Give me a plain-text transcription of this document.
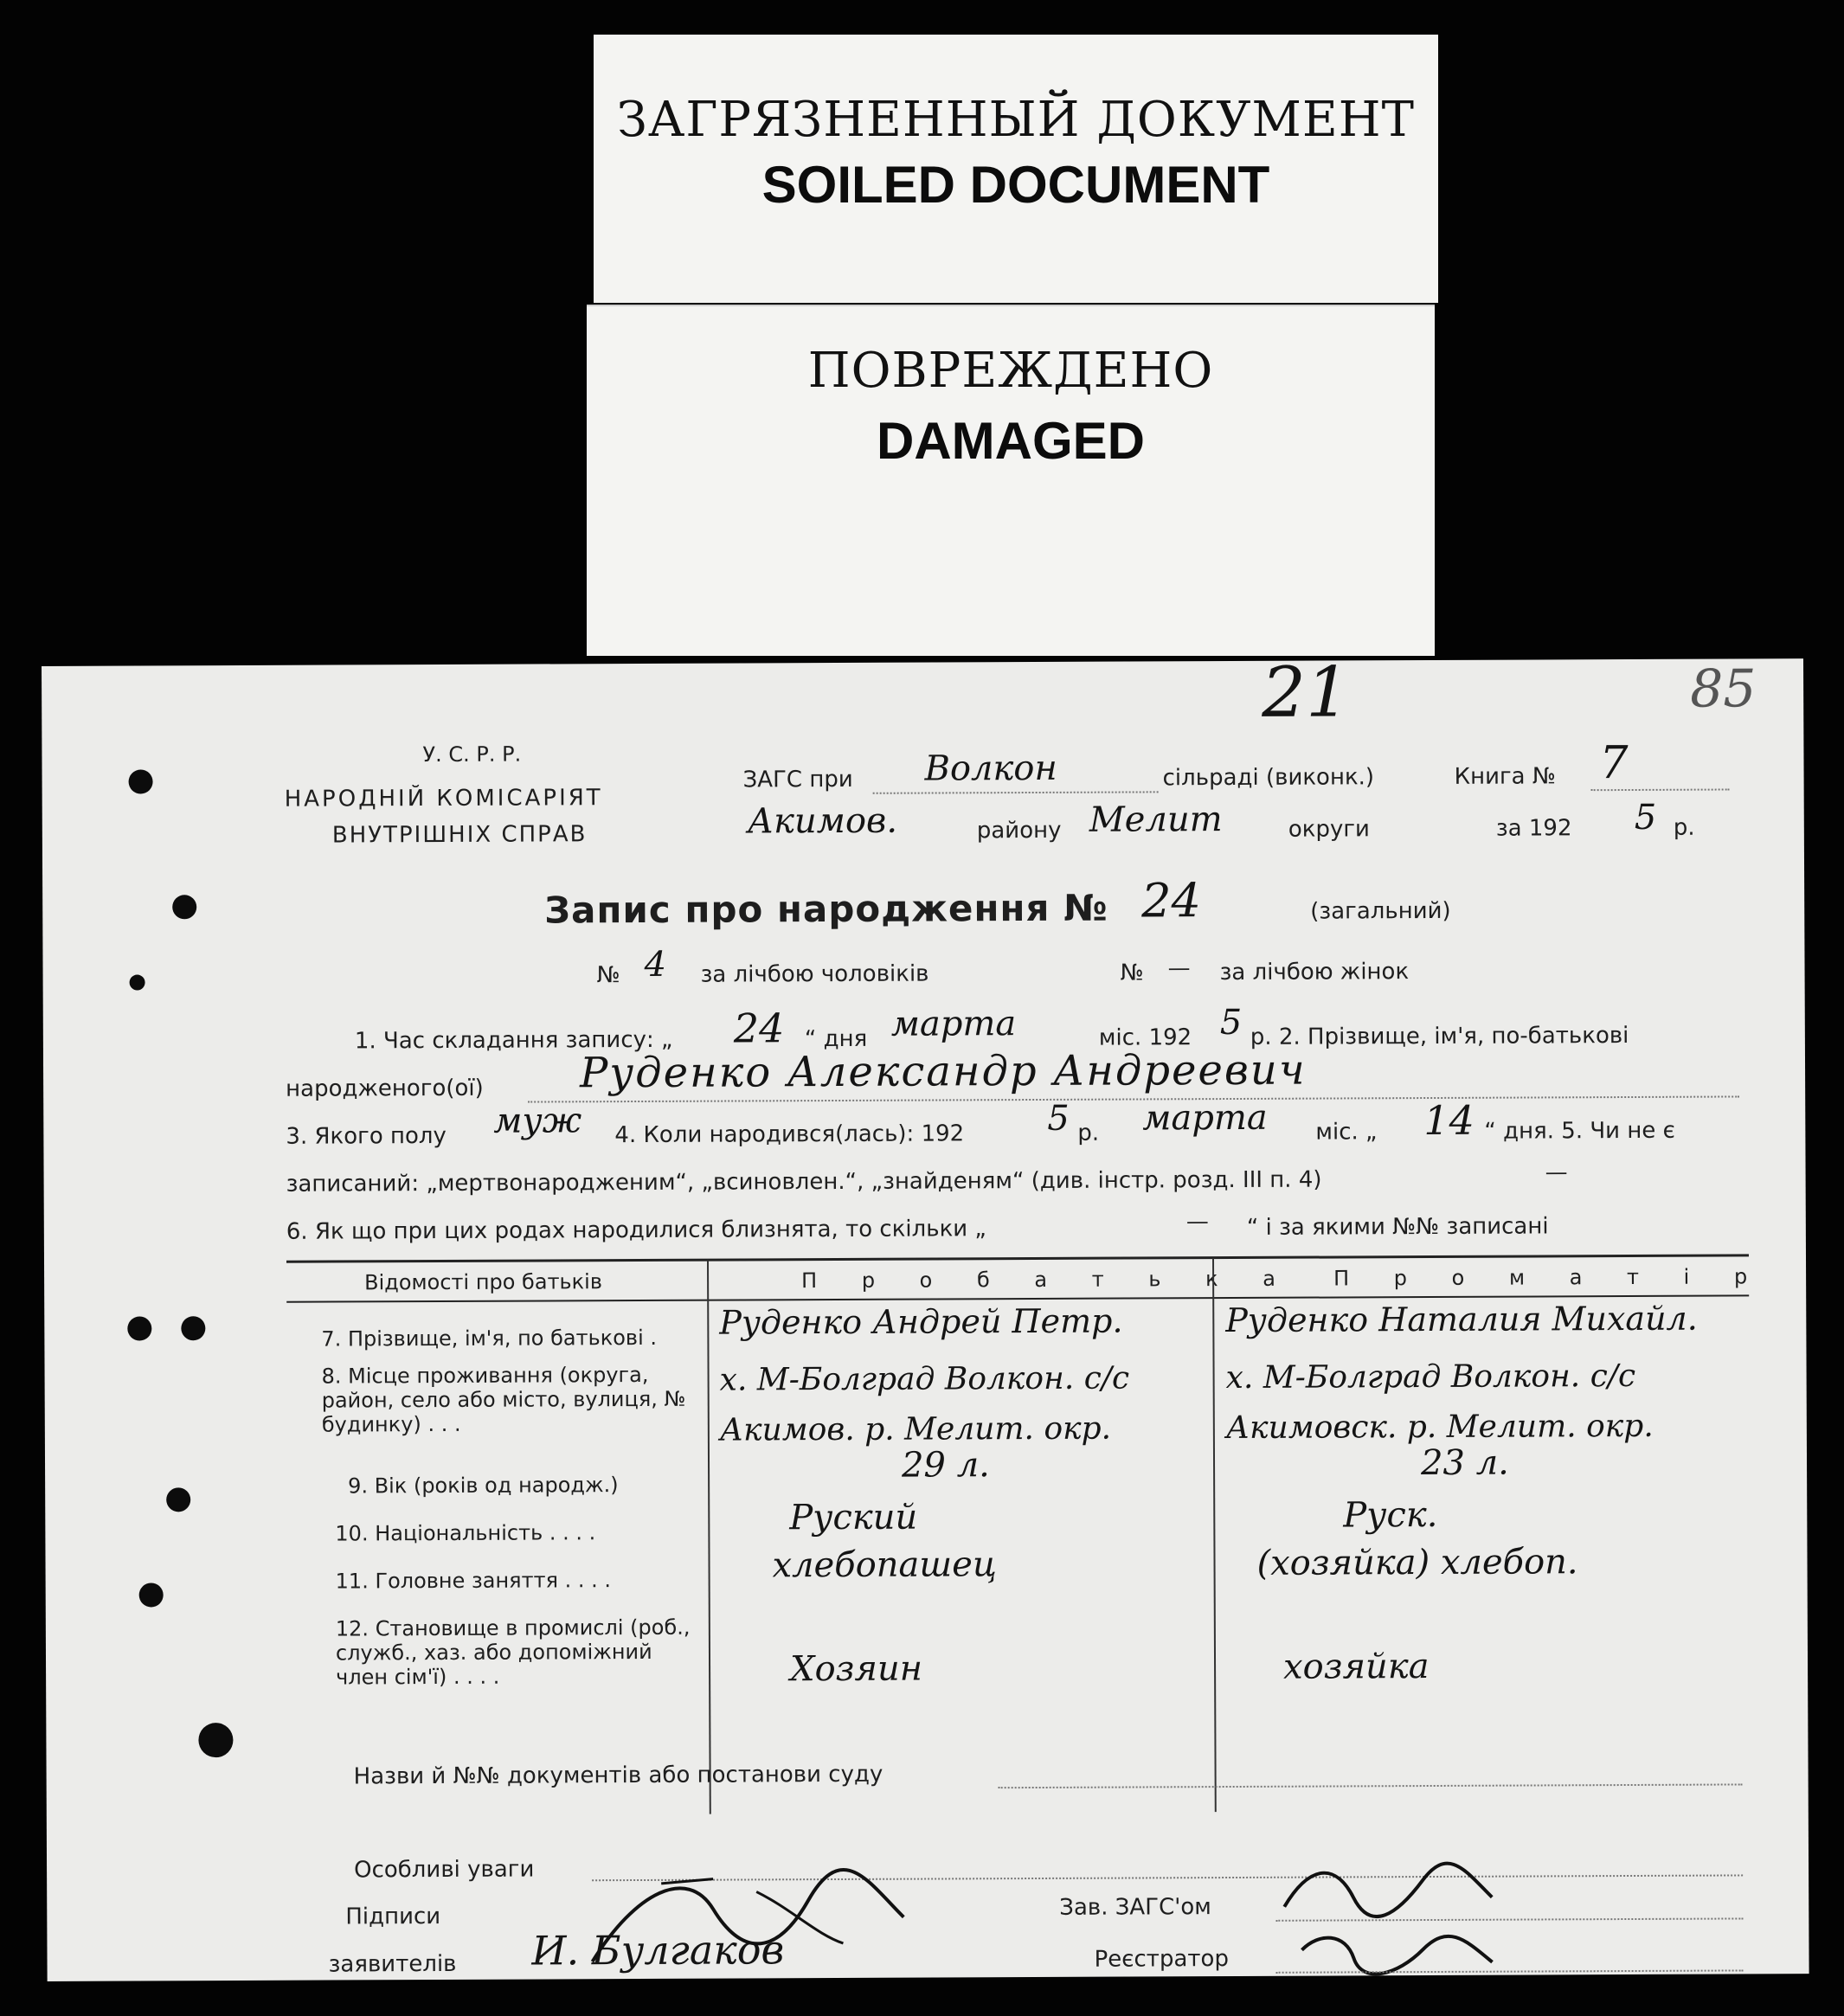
ЗАГРЯЗНЕННЫЙ ДОКУМЕНТ
SOILED DOCUMENT
ПОВРЕЖДЕНО
DAMAGED
21	85
У. С. Р. Р.
НАРОДНІЙ КОМІСАРІЯТ
ВНУТРІШНІХ СПРАВ
ЗАГС при Волкон	сільраді (виконк.)	Книга № 7
Акимов.	району Мелит	округи	за 192 5 р.
Запис про народження № 24	(загальний)
№ 4 за лічбою чоловіків	№ — за лічбою жінок
1. Час складання запису: „ 24 “ дня марта	міс. 192 5 р. 2. Прізвище, ім'я, по-батькові
народженого(ої) Руденко Александр Андреевич
3. Якого полу муж 4. Коли народився(лась): 192 5 р. марта міс. „ 14 “ дня. 5. Чи не є
записаний: „мертвонародженим“, „всиновлен.“, „знайденям“ (див. інстр. розд. III п. 4)	—
6. Як що при цих родах народилися близнята, то скільки „	— “ і за якими №№ записані
Відомості про батьків	П р о б а т ь к а П р о м а т і р
7. Прізвище, ім'я, по батькові . Руденко Андрей Петр.	Руденко Наталия Михайл.
8. Місце проживання (округа, район, село або місто, вулиця, № будинку) . . .
х. М-Болград Волкон. с/с Акимов. р. Мелит. окр.
х. М-Болград Волкон. с/с Акимовск. р. Мелит. окр.
9. Вік (років од народж.)
29 л.	23 л.
10. Національність . . . .	Руский	Руск.
11. Головне заняття . . . .	хлебопашец	(хозяйка) хлебоп.
12. Становище в промислі (роб., служб., хаз. або допоміжний член сім'ї) . . . .	Хозяин	хозяйка
Назви й №№ документів або постанови суду
Особливі уваги
Підписи
заявителів И. Булгаков
Зав. ЗАГС'ом
Реєстратор
